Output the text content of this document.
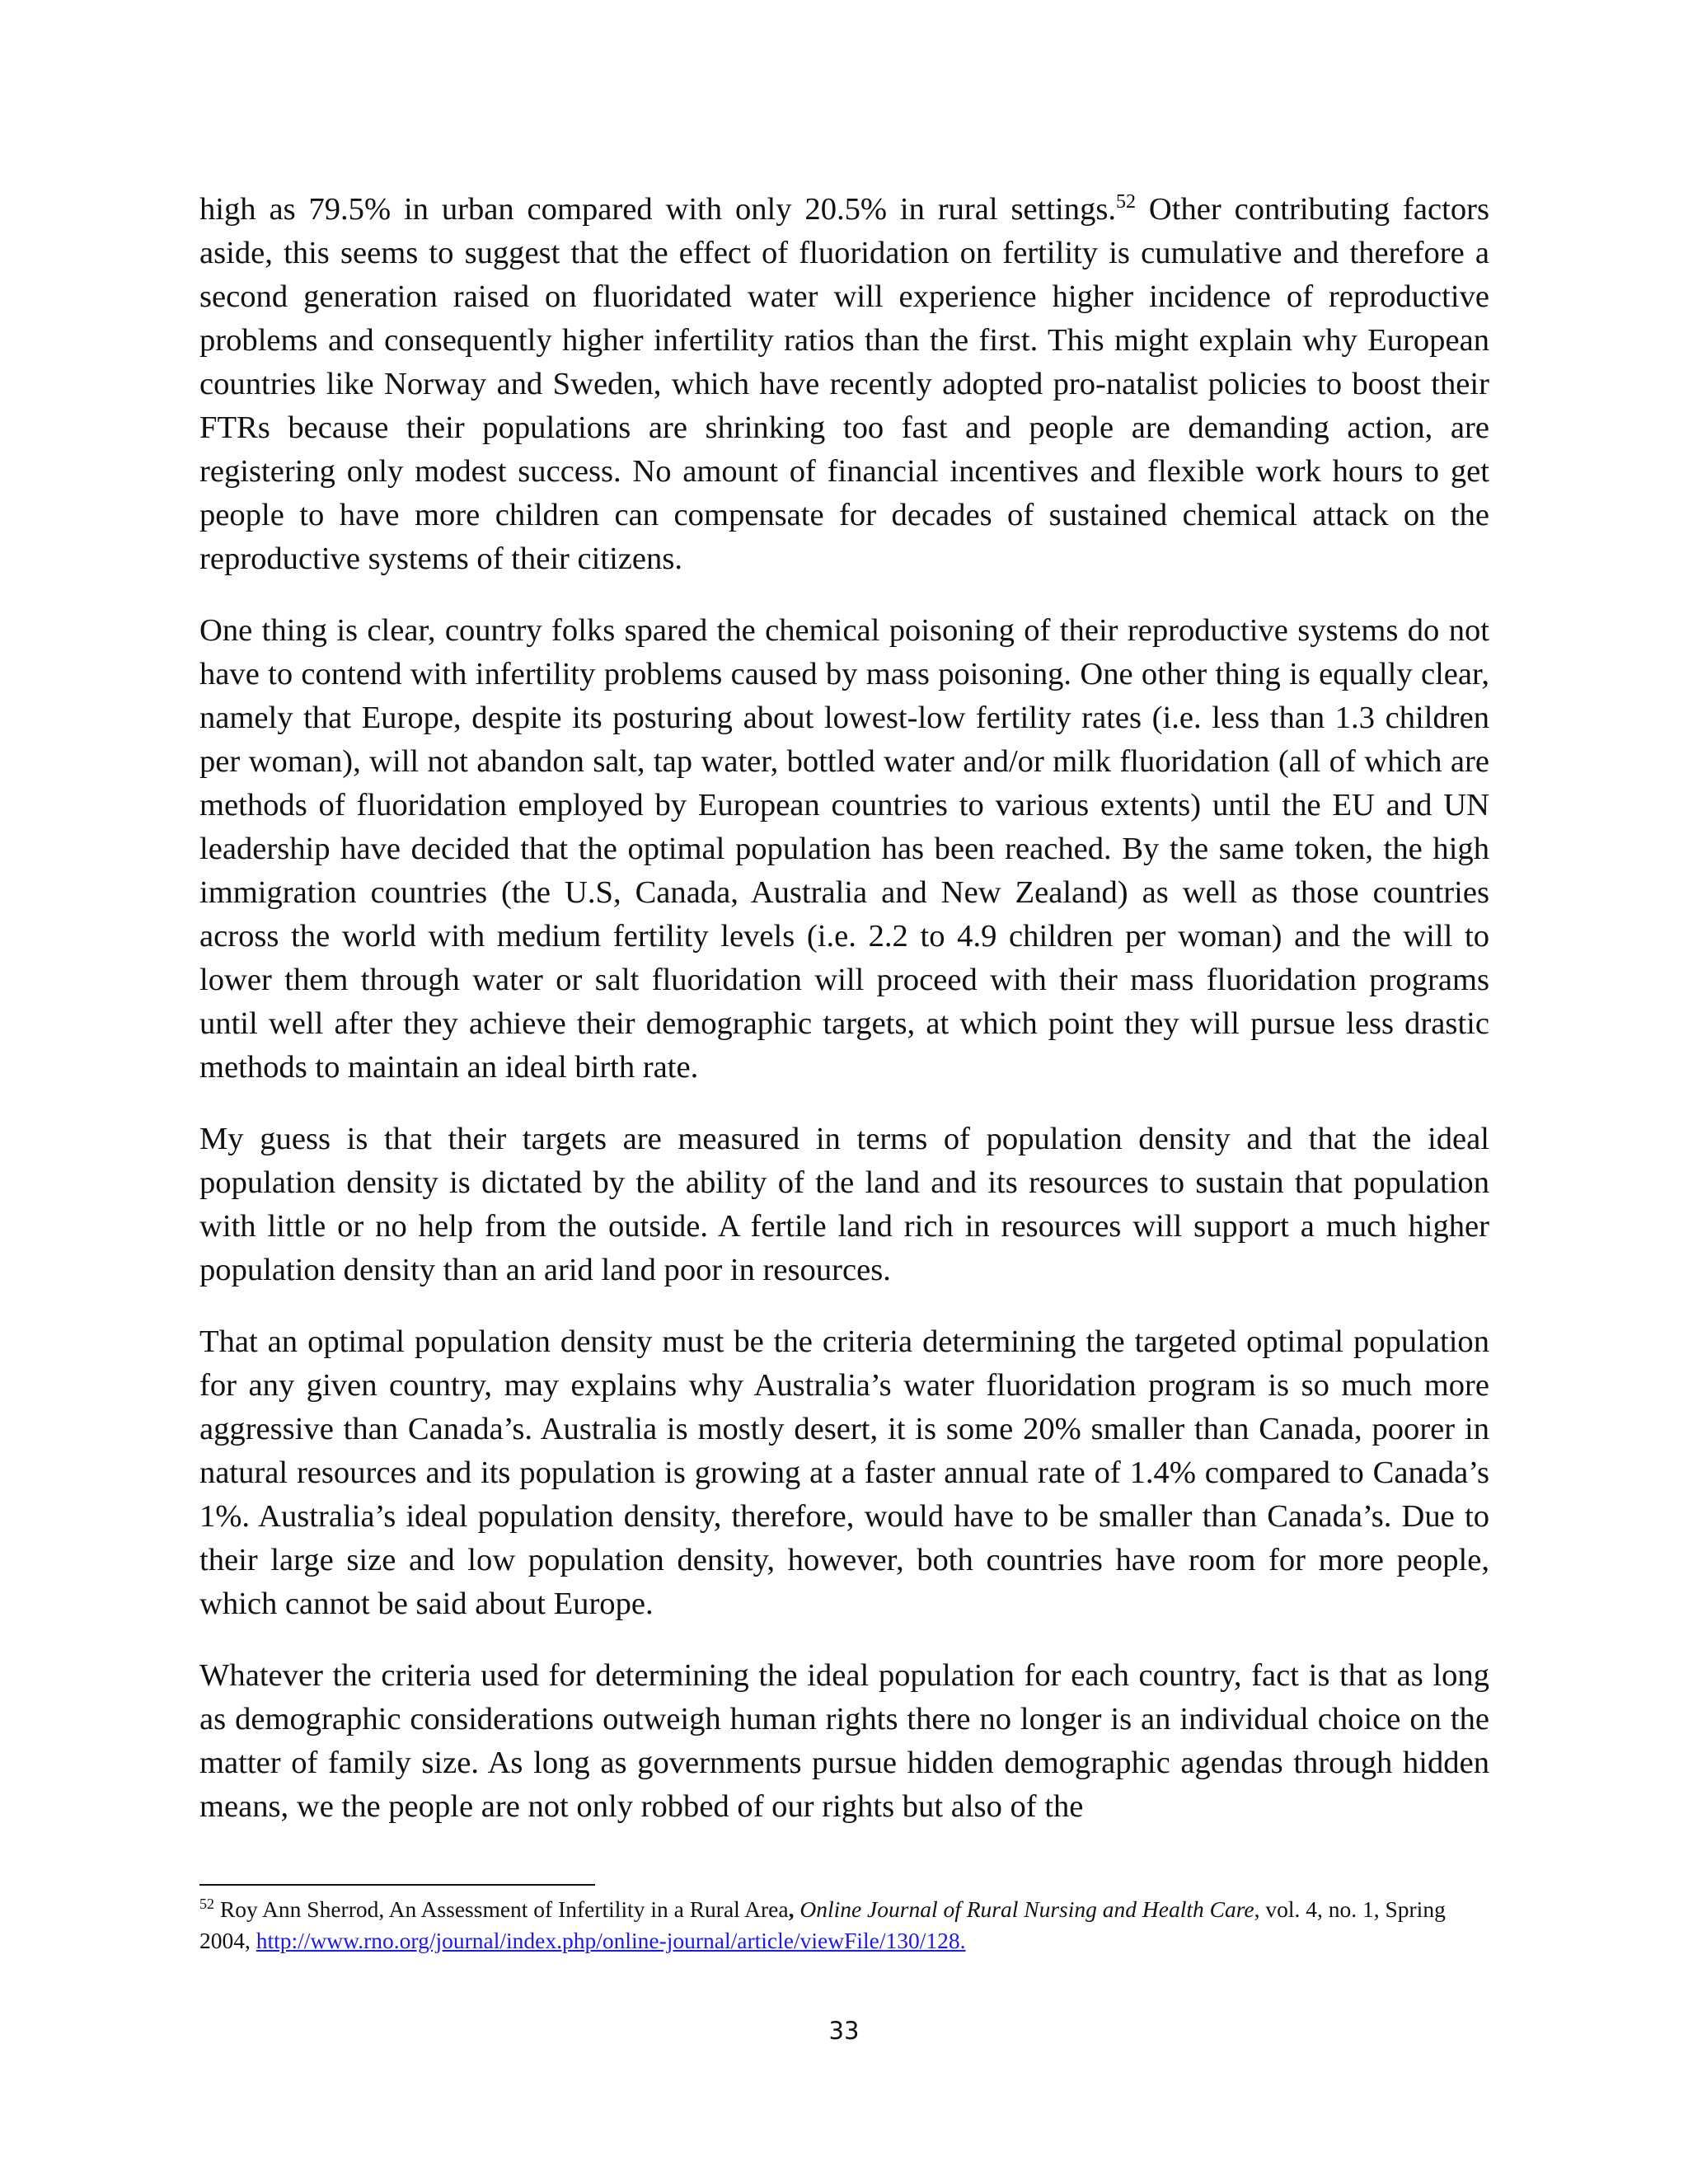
high as 79.5% in urban compared with only 20.5% in rural settings.$^{52}$ Other contributing factors aside, this seems to suggest that the effect of fluoridation on fertility is cumulative and therefore a second generation raised on fluoridated water will experience higher incidence of reproductive problems and consequently higher infertility ratios than the first. This might explain why European countries like Norway and Sweden, which have recently adopted pro-natalist policies to boost their FTRs because their populations are shrinking too fast and people are demanding action, are registering only modest success. No amount of financial incentives and flexible work hours to get people to have more children can compensate for decades of sustained chemical attack on the reproductive systems of their citizens.

One thing is clear, country folks spared the chemical poisoning of their reproductive systems do not have to contend with infertility problems caused by mass poisoning. One other thing is equally clear, namely that Europe, despite its posturing about lowest-low fertility rates (i.e. less than 1.3 children per woman), will not abandon salt, tap water, bottled water and/or milk fluoridation (all of which are methods of fluoridation employed by European countries to various extents) until the EU and UN leadership have decided that the optimal population has been reached. By the same token, the high immigration countries (the U.S, Canada, Australia and New Zealand) as well as those countries across the world with medium fertility levels (i.e. 2.2 to 4.9 children per woman) and the will to lower them through water or salt fluoridation will proceed with their mass fluoridation programs until well after they achieve their demographic targets, at which point they will pursue less drastic methods to maintain an ideal birth rate.

My guess is that their targets are measured in terms of population density and that the ideal population density is dictated by the ability of the land and its resources to sustain that population with little or no help from the outside. A fertile land rich in resources will support a much higher population density than an arid land poor in resources.

That an optimal population density must be the criteria determining the targeted optimal population for any given country, may explains why Australia’s water fluoridation program is so much more aggressive than Canada’s. Australia is mostly desert, it is some 20% smaller than Canada, poorer in natural resources and its population is growing at a faster annual rate of 1.4% compared to Canada’s 1%. Australia’s ideal population density, therefore, would have to be smaller than Canada’s. Due to their large size and low population density, however, both countries have room for more people, which cannot be said about Europe.

Whatever the criteria used for determining the ideal population for each country, fact is that as long as demographic considerations outweigh human rights there no longer is an individual choice on the matter of family size. As long as governments pursue hidden demographic agendas through hidden means, we the people are not only robbed of our rights but also of the

$^{52}$ Roy Ann Sherrod, An Assessment of Infertility in a Rural Area, Online Journal of Rural Nursing and Health Care, vol. 4, no. 1, Spring 2004, http://www.rno.org/journal/index.php/online-journal/article/viewFile/130/128.
33
